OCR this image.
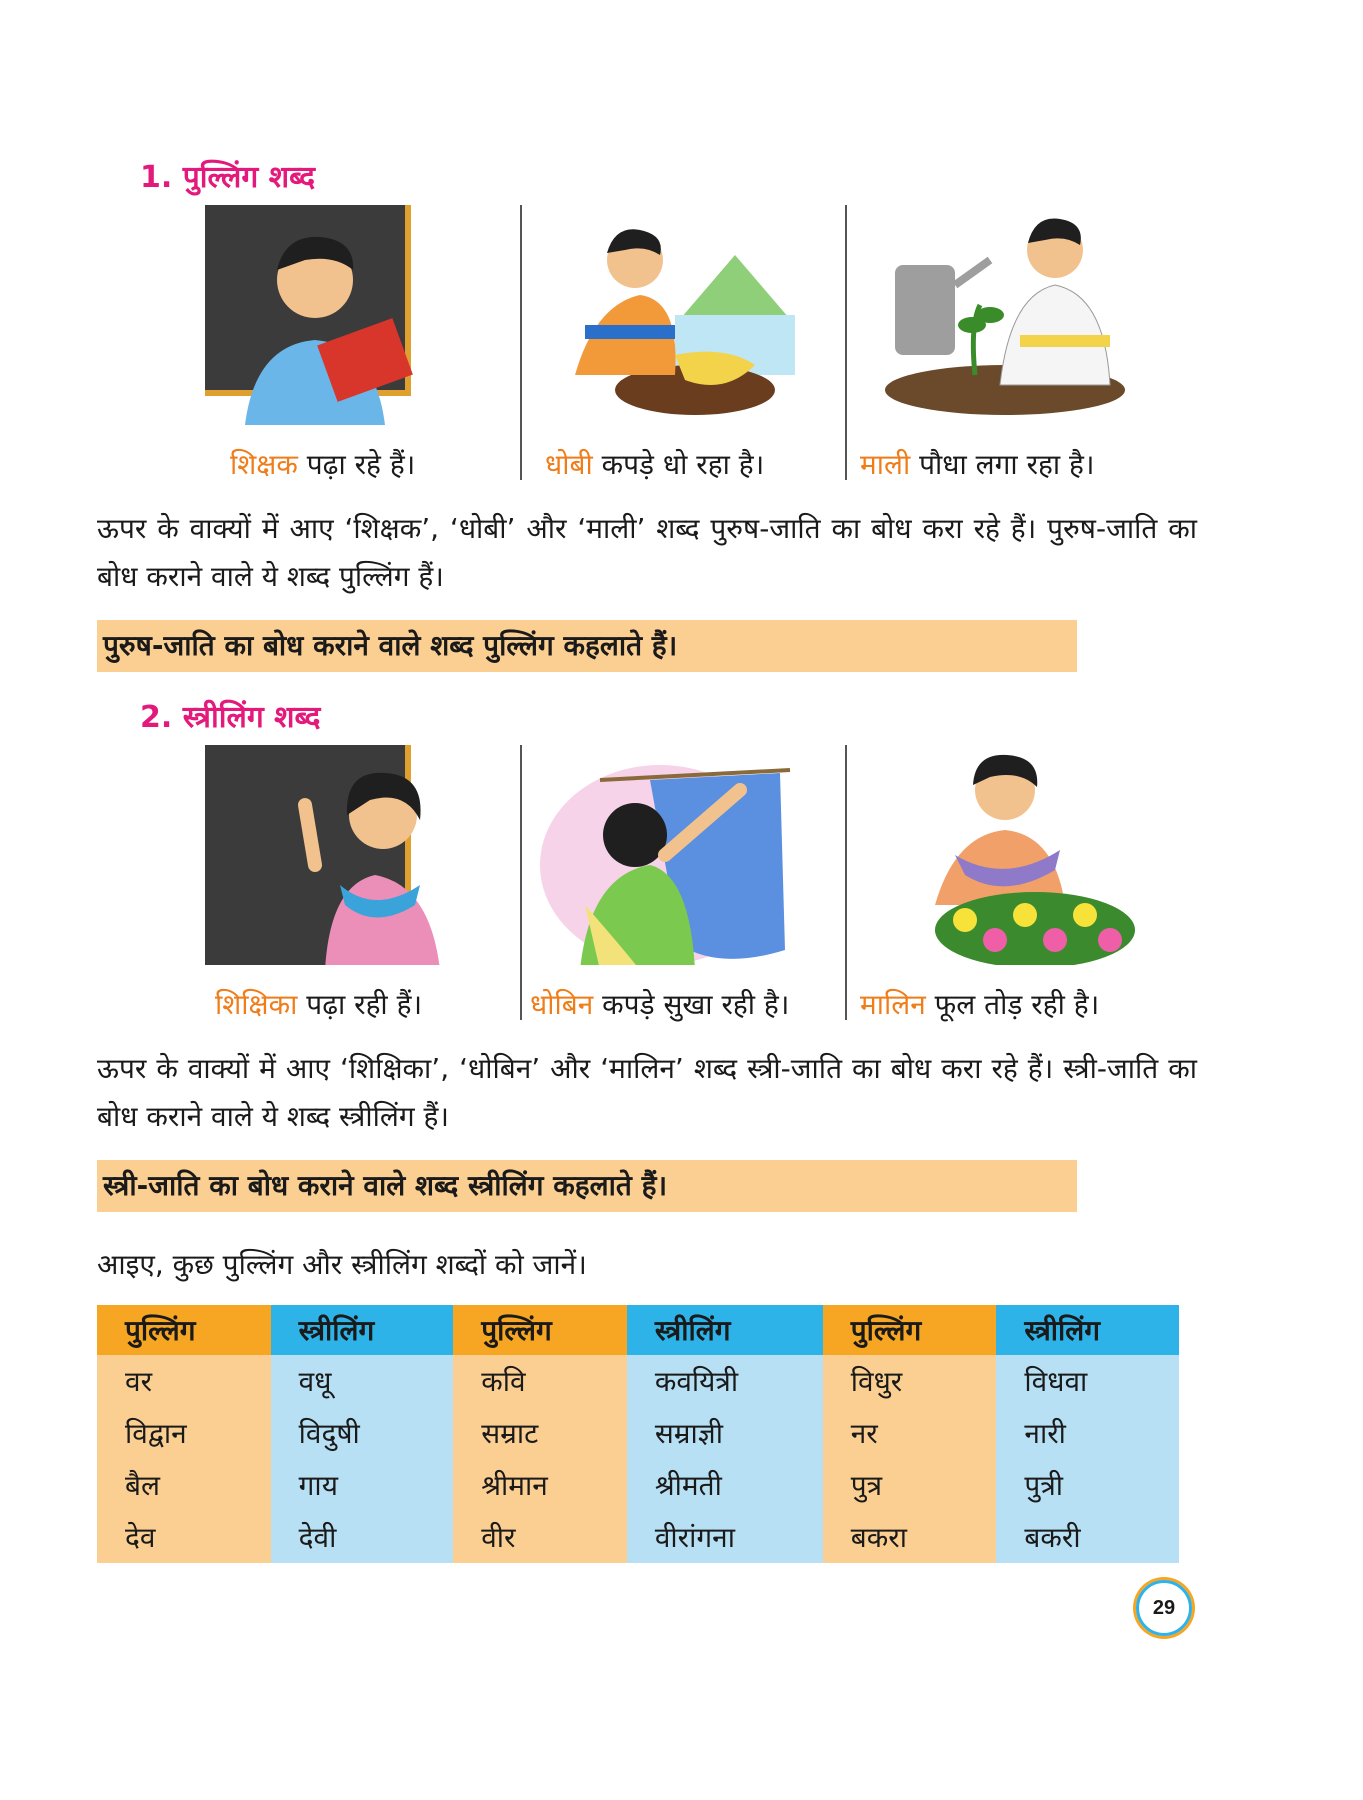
1. पुल्लिंग शब्द
शिक्षक पढ़ा रहे हैं।	धोबी कपड़े धो रहा है।	माली पौधा लगा रहा है।
ऊपर के वाक्यों में आए ‘शिक्षक’, ‘धोबी’ और ‘माली’ शब्द पुरुष-जाति का बोध करा रहे हैं। पुरुष-जाति का बोध कराने वाले ये शब्द पुल्लिंग हैं।
पुरुष-जाति का बोध कराने वाले शब्द पुल्लिंग कहलाते हैं।
2. स्त्रीलिंग शब्द
शिक्षिका पढ़ा रही हैं।	धोबिन कपड़े सुखा रही है।	मालिन फूल तोड़ रही है।
ऊपर के वाक्यों में आए ‘शिक्षिका’, ‘धोबिन’ और ‘मालिन’ शब्द स्त्री-जाति का बोध करा रहे हैं। स्त्री-जाति का बोध कराने वाले ये शब्द स्त्रीलिंग हैं।
स्त्री-जाति का बोध कराने वाले शब्द स्त्रीलिंग कहलाते हैं।
आइए, कुछ पुल्लिंग और स्त्रीलिंग शब्दों को जानें।
पुल्लिंग	स्त्रीलिंग	पुल्लिंग	स्त्रीलिंग	पुल्लिंग	स्त्रीलिंग
वर	वधू	कवि	कवयित्री	विधुर	विधवा
विद्वान	विदुषी	सम्राट	सम्राज्ञी	नर	नारी
बैल	गाय	श्रीमान	श्रीमती	पुत्र	पुत्री
देव	देवी	वीर	वीरांगना	बकरा	बकरी
29
